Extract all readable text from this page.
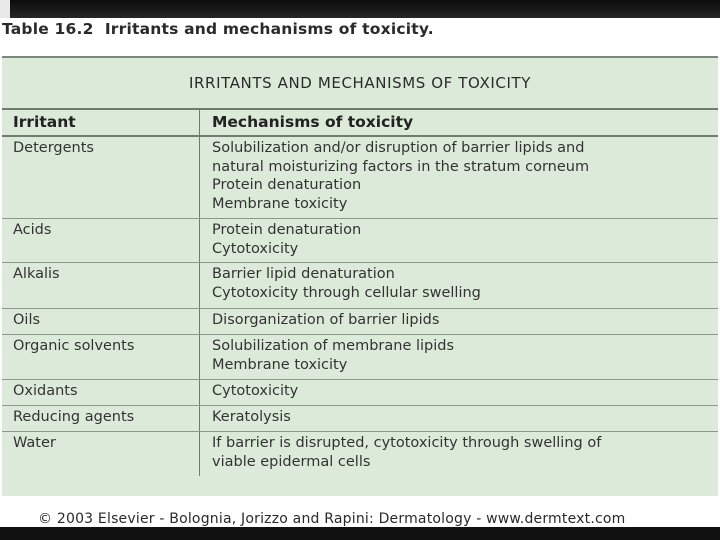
Table 16.2 Irritants and mechanisms of toxicity.
IRRITANTS AND MECHANISMS OF TOXICITY
Irritant	Mechanisms of toxicity
Detergents	Solubilization and/or disruption of barrier lipids and
natural moisturizing factors in the stratum corneum
Protein denaturation
Membrane toxicity
Acids	Protein denaturation
Cytotoxicity
Alkalis	Barrier lipid denaturation
Cytotoxicity through cellular swelling
Oils	Disorganization of barrier lipids
Organic solvents	Solubilization of membrane lipids
Membrane toxicity
Oxidants	Cytotoxicity
Reducing agents	Keratolysis
Water	If barrier is disrupted, cytotoxicity through swelling of
viable epidermal cells
© 2003 Elsevier - Bolognia, Jorizzo and Rapini: Dermatology - www.dermtext.com
